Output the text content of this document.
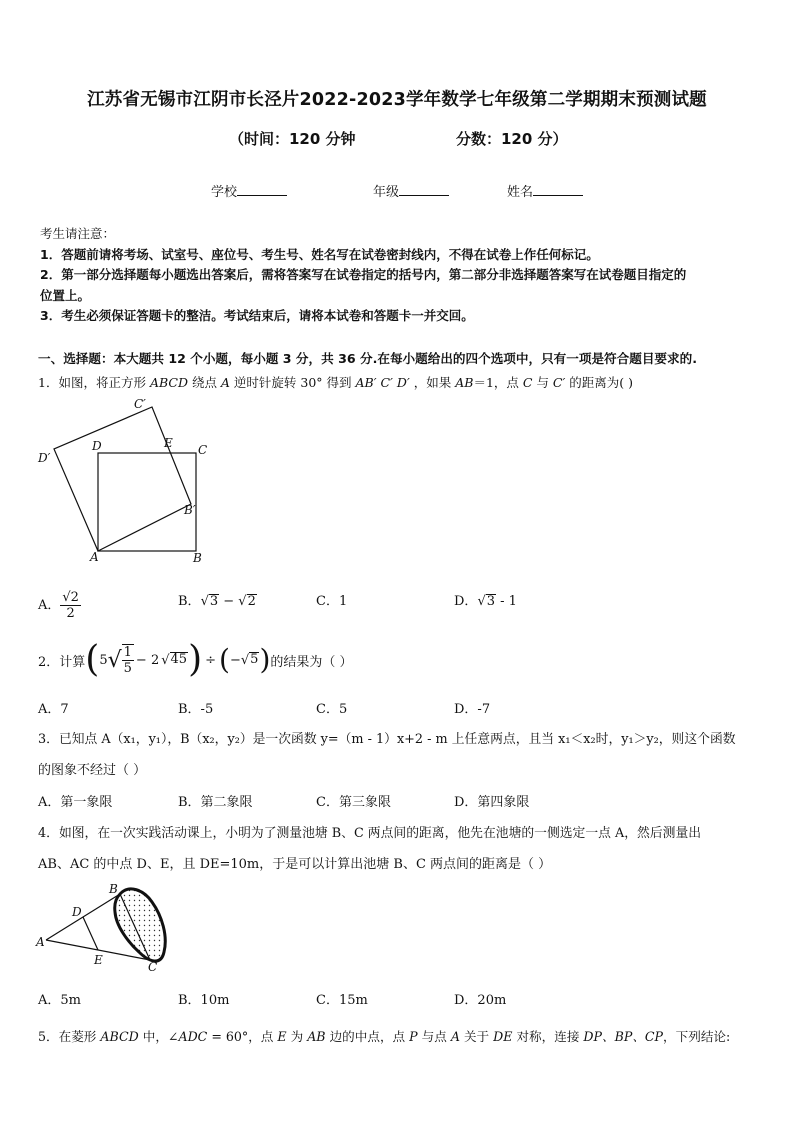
江苏省无锡市江阴市长泾片2022-2023学年数学七年级第二学期期末预测试题
（时间：120 分钟	分数：120 分）
学校	年级	姓名
考生请注意：
1．答题前请将考场、试室号、座位号、考生号、姓名写在试卷密封线内，不得在试卷上作任何标记。
2．第一部分选择题每小题选出答案后，需将答案写在试卷指定的括号内，第二部分非选择题答案写在试卷题目指定的
位置上。
3．考生必须保证答题卡的整洁。考试结束后，请将本试卷和答题卡一并交回。
一、选择题：本大题共 12 个小题，每小题 3 分，共 36 分.在每小题给出的四个选项中，只有一项是符合题目要求的.
1．如图，将正方形 ABCD 绕点 A 逆时针旋转 30° 得到 AB′ C′ D′ ，如果 AB＝1，点 C 与 C′ 的距离为( )
C′
D	E C
D′
B′
A	B
A． $\frac{√2}{2}$	B．√3 − √2	C．1	D．√3 - 1
2．计算 ( 5 √ $\frac{1}{5} - 2$ √ 45 ) ÷ ( − √ 5 ) 的结果为（ ）
A．7	B．-5	C．5	D．-7
3．已知点 A（x₁，y₁），B（x₂，y₂）是一次函数 y=（m - 1）x+2 - m 上任意两点，且当 x₁＜x₂时，y₁＞y₂，则这个函数
的图象不经过（ ）
A．第一象限	B．第二象限	C．第三象限	D．第四象限
4．如图，在一次实践活动课上，小明为了测量池塘 B、C 两点间的距离，他先在池塘的一侧选定一点 A，然后测量出
AB、AC 的中点 D、E，且 DE=10m，于是可以计算出池塘 B、C 两点间的距离是（ ）
B
D
A
E	C
A．5m	B．10m	C．15m	D．20m
5．在菱形 ABCD 中，∠ADC = 60°，点 E 为 AB 边的中点，点 P 与点 A 关于 DE 对称，连接 DP、BP、CP，下列结论:
